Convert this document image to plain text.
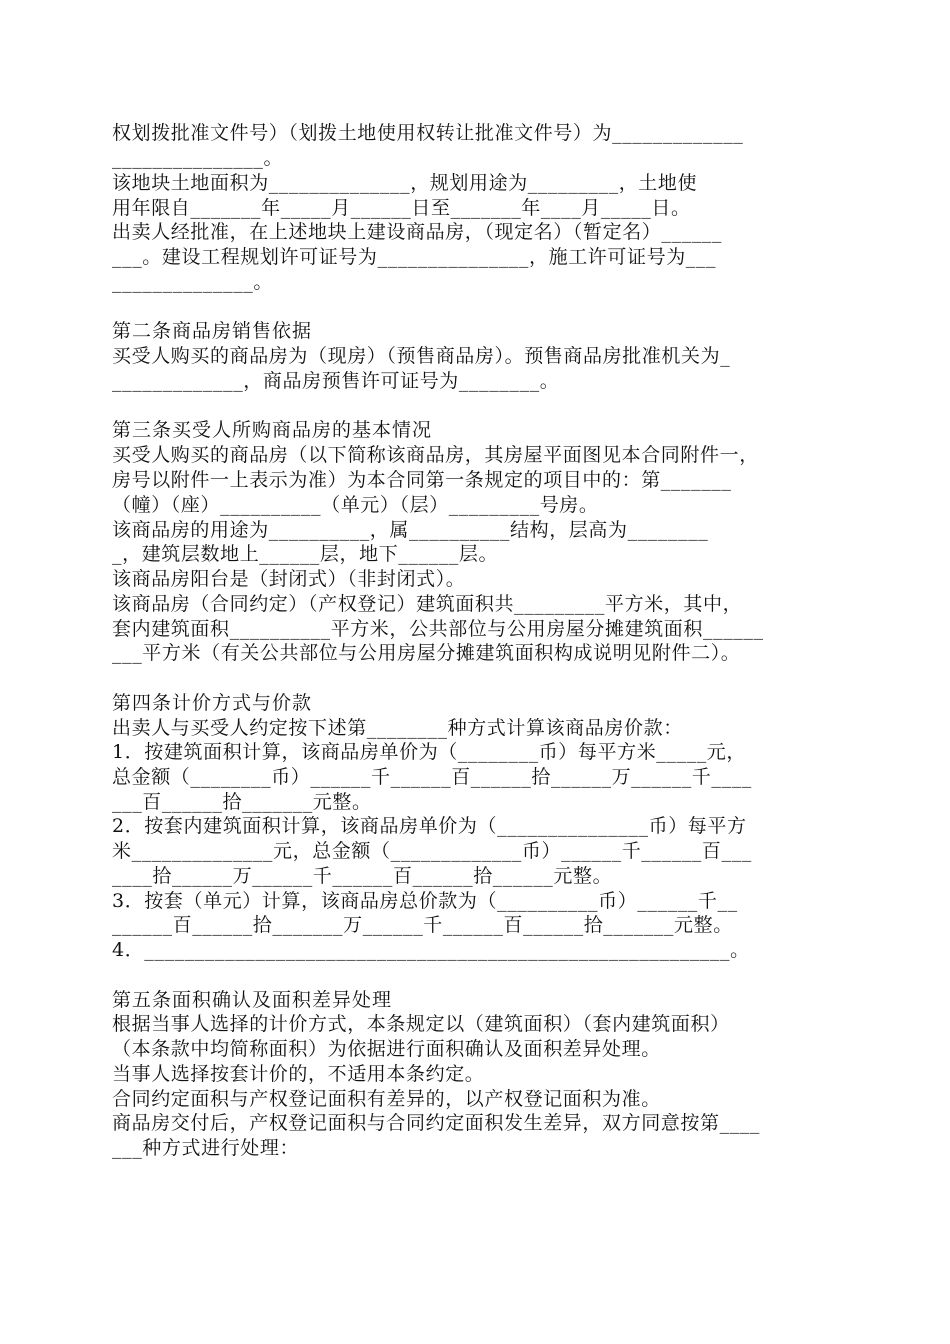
权划拨批准文件号）（划拨土地使用权转让批准文件号）为_____________
_______________。
该地块土地面积为______________，规划用途为_________，土地使
用年限自_______年_____月______日至_______年____月_____日。
出卖人经批准，在上述地块上建设商品房，（现定名）（暂定名）______
___。建设工程规划许可证号为_______________，施工许可证号为___
______________。
第二条商品房销售依据
买受人购买的商品房为（现房）（预售商品房）。预售商品房批准机关为_
_____________，商品房预售许可证号为________。
第三条买受人所购商品房的基本情况
买受人购买的商品房（以下简称该商品房，其房屋平面图见本合同附件一，
房号以附件一上表示为准）为本合同第一条规定的项目中的：第_______
（幢）（座）__________（单元）（层）_________号房。
该商品房的用途为__________，属__________结构，层高为________
_，建筑层数地上______层，地下______层。
该商品房阳台是（封闭式）（非封闭式）。
该商品房（合同约定）（产权登记）建筑面积共_________平方米，其中，
套内建筑面积__________平方米，公共部位与公用房屋分摊建筑面积______
___平方米（有关公共部位与公用房屋分摊建筑面积构成说明见附件二）。
第四条计价方式与价款
出卖人与买受人约定按下述第________种方式计算该商品房价款：
1．按建筑面积计算，该商品房单价为（________币）每平方米_____元，
总金额（________币）______千______百______拾______万______千____
___百______拾_______元整。
2．按套内建筑面积计算，该商品房单价为（_______________币）每平方
米______________元，总金额（_____________币）______千______百___
____拾______万______千______百______拾______元整。
3．按套（单元）计算，该商品房总价款为（__________币）______千__
______百______拾_______万______千______百______拾_______元整。
4．__________________________________________________________。
第五条面积确认及面积差异处理
根据当事人选择的计价方式，本条规定以（建筑面积）（套内建筑面积）
（本条款中均简称面积）为依据进行面积确认及面积差异处理。
当事人选择按套计价的，不适用本条约定。
合同约定面积与产权登记面积有差异的，以产权登记面积为准。
商品房交付后，产权登记面积与合同约定面积发生差异，双方同意按第____
___种方式进行处理：
